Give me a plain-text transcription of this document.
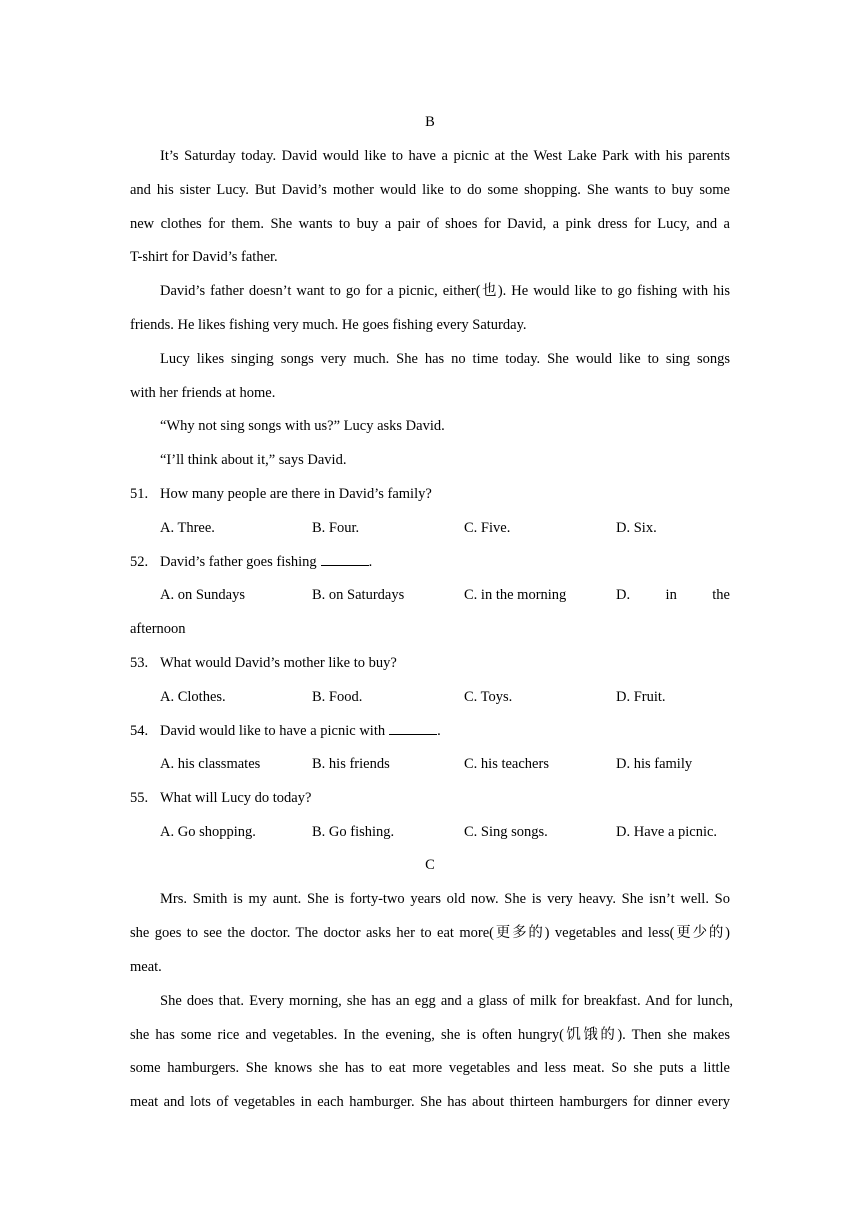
B
It’s Saturday today. David would like to have a picnic at the West Lake Park with his parents
and his sister Lucy. But David’s mother would like to do some shopping. She wants to buy some
new clothes for them. She wants to buy a pair of shoes for David, a pink dress for Lucy, and a
T-shirt for David’s father.
David’s father doesn’t want to go for a picnic, either(也). He would like to go fishing with his
friends. He likes fishing very much. He goes fishing every Saturday.
Lucy likes singing songs very much. She has no time today. She would like to sing songs
with her friends at home.
“Why not sing songs with us?” Lucy asks David.
“I’ll think about it,” says David.
51. How many people are there in David’s family?
A. Three.	B. Four.	C. Five.	D. Six.
52. David’s father goes fishing	.
A. on Sundays	B. on Saturdays	C. in the morning	D. in the
afternoon
53. What would David’s mother like to buy?
A. Clothes.	B. Food.	C. Toys.	D. Fruit.
54. David would like to have a picnic with	.
A. his classmates	B. his friends	C. his teachers	D. his family
55. What will Lucy do today?
A. Go shopping.	B. Go fishing.	C. Sing songs.	D. Have a picnic.
C
Mrs. Smith is my aunt. She is forty-two years old now. She is very heavy. She isn’t well. So
she goes to see the doctor. The doctor asks her to eat more(更多的) vegetables and less(更少的)
meat.
She does that. Every morning, she has an egg and a glass of milk for breakfast. And for lunch,
she has some rice and vegetables. In the evening, she is often hungry(饥饿的). Then she makes
some hamburgers. She knows she has to eat more vegetables and less meat. So she puts a little
meat and lots of vegetables in each hamburger. She has about thirteen hamburgers for dinner every
